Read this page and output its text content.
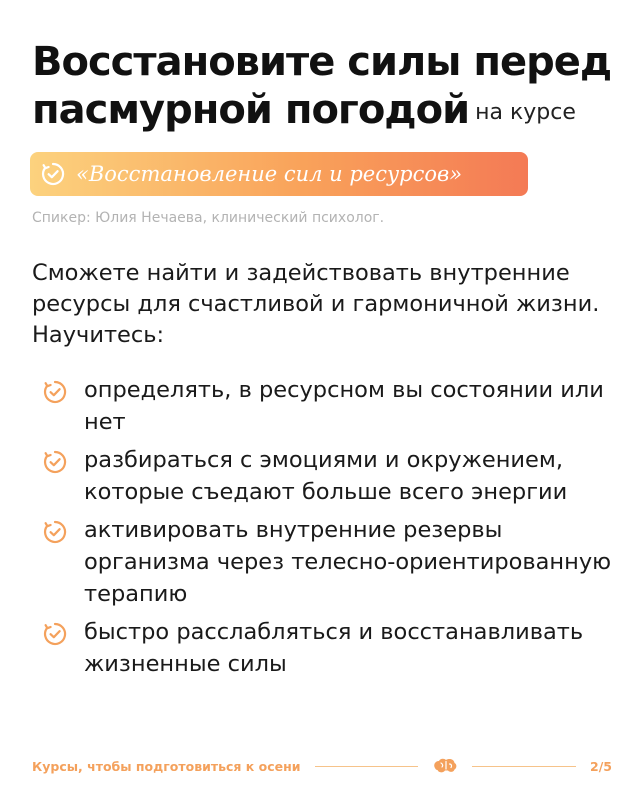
Восстановите силы перед пасмурной погодой на курсе
«Восстановление сил и ресурсов»
Спикер: Юлия Нечаева, клинический психолог.

Сможете найти и задействовать внутренние ресурсы для счастливой и гармоничной жизни. Научитесь:

определять, в ресурсном вы состоянии или нет
разбираться с эмоциями и окружением, которые съедают больше всего энергии
активировать внутренние резервы организма через телесно-ориентированную терапию
быстро расслабляться и восстанавливать жизненные силы
Курсы, чтобы подготовиться к осени	2/5
